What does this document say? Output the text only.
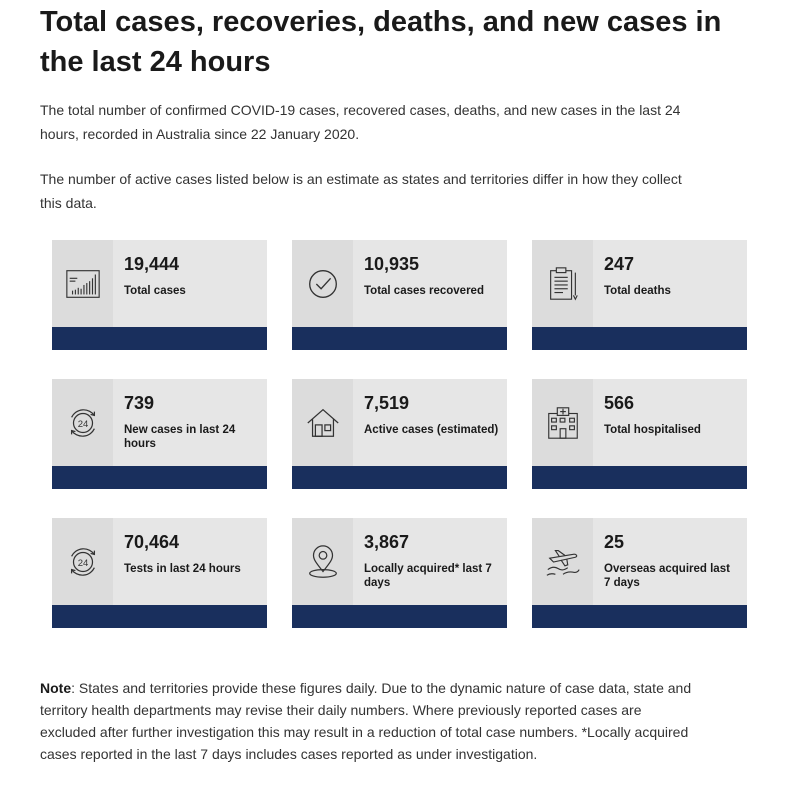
Total cases, recoveries, deaths, and new cases in the last 24 hours

The total number of confirmed COVID-19 cases, recovered cases, deaths, and new cases in the last 24 hours, recorded in Australia since 22 January 2020.

The number of active cases listed below is an estimate as states and territories differ in how they collect this data.

19,444
Total cases
10,935
Total cases recovered
247
Total deaths
24
739
New cases in last 24 hours
7,519
Active cases (estimated)
566
Total hospitalised
24
70,464
Tests in last 24 hours
3,867
Locally acquired* last 7 days
25
Overseas acquired last 7 days

Note: States and territories provide these figures daily. Due to the dynamic nature of case data, state and territory health departments may revise their daily numbers. Where previously reported cases are excluded after further investigation this may result in a reduction of total case numbers. *Locally acquired cases reported in the last 7 days includes cases reported as under investigation.
